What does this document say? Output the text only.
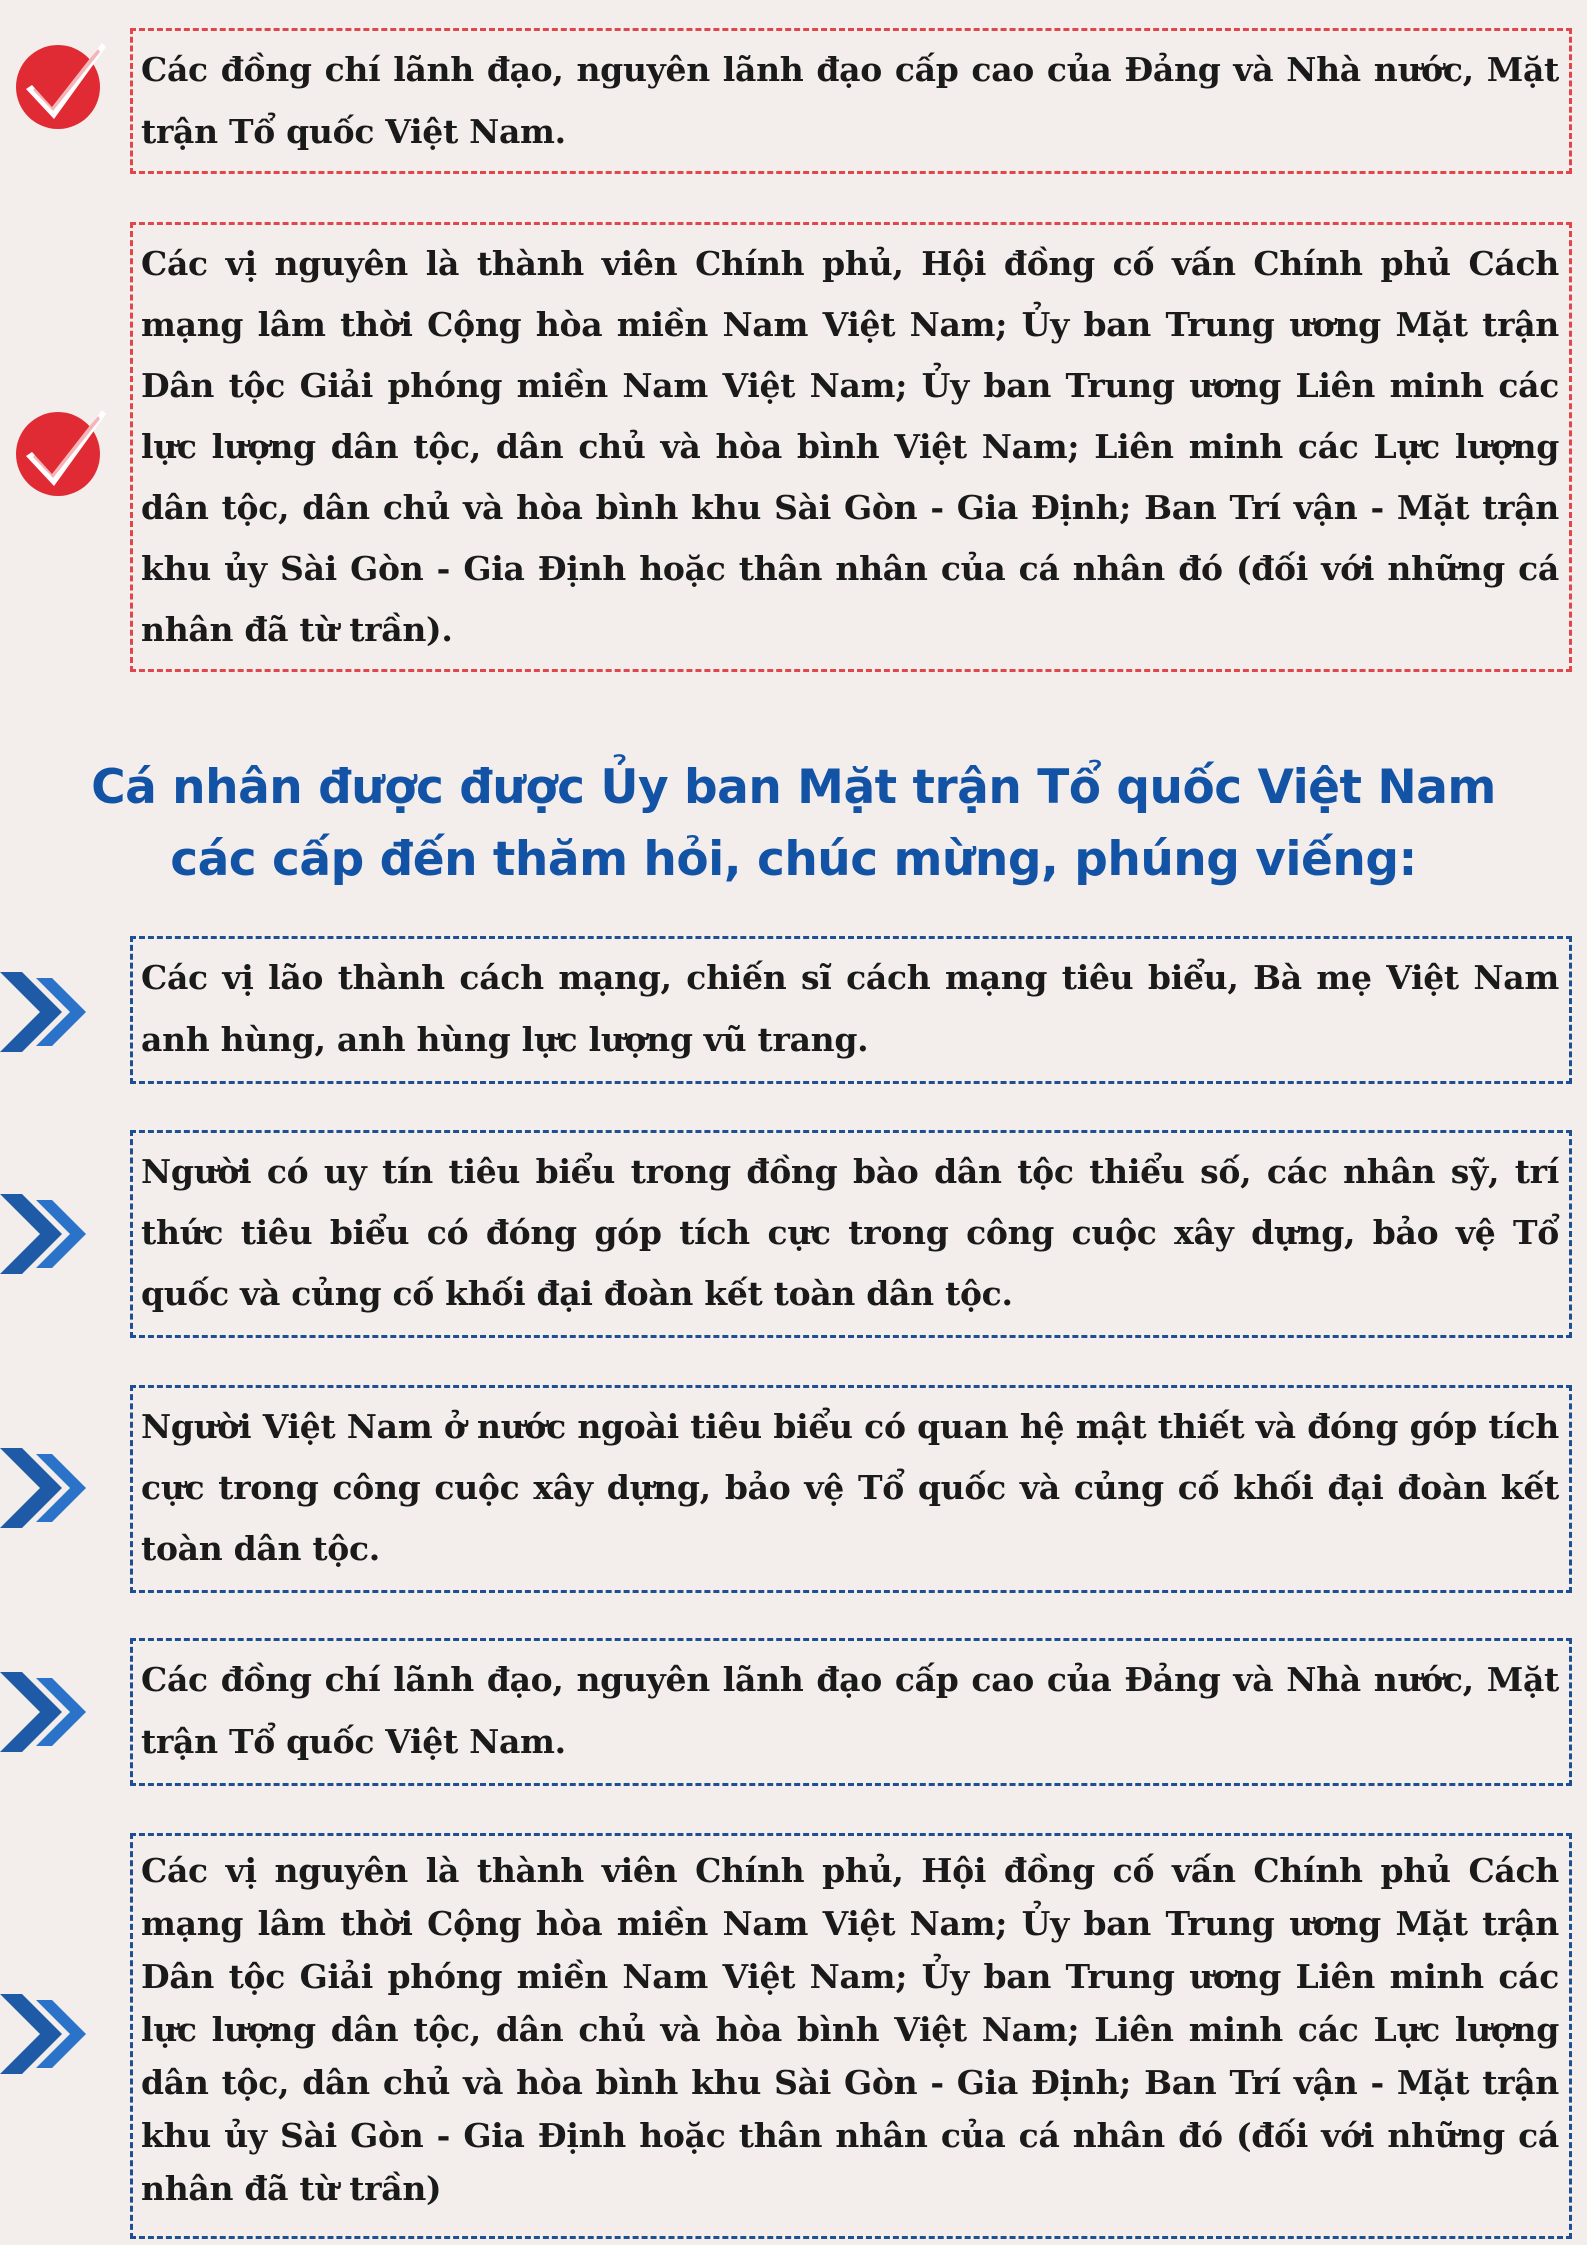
Các đồng chí lãnh đạo, nguyên lãnh đạo cấp cao của Đảng và Nhà nước, Mặt trận Tổ quốc Việt Nam.
Các vị nguyên là thành viên Chính phủ, Hội đồng cố vấn Chính phủ Cách mạng lâm thời Cộng hòa miền Nam Việt Nam; Ủy ban Trung ương Mặt trận Dân tộc Giải phóng miền Nam Việt Nam; Ủy ban Trung ương Liên minh các lực lượng dân tộc, dân chủ và hòa bình Việt Nam; Liên minh các Lực lượng dân tộc, dân chủ và hòa bình khu Sài Gòn - Gia Định; Ban Trí vận - Mặt trận khu ủy Sài Gòn - Gia Định hoặc thân nhân của cá nhân đó (đối với những cá nhân đã từ trần).
Cá nhân được được Ủy ban Mặt trận Tổ quốc Việt Nam
các cấp đến thăm hỏi, chúc mừng, phúng viếng:
Các vị lão thành cách mạng, chiến sĩ cách mạng tiêu biểu, Bà mẹ Việt Nam anh hùng, anh hùng lực lượng vũ trang.
Người có uy tín tiêu biểu trong đồng bào dân tộc thiểu số, các nhân sỹ, trí thức tiêu biểu có đóng góp tích cực trong công cuộc xây dựng, bảo vệ Tổ quốc và củng cố khối đại đoàn kết toàn dân tộc.
Người Việt Nam ở nước ngoài tiêu biểu có quan hệ mật thiết và đóng góp tích cực trong công cuộc xây dựng, bảo vệ Tổ quốc và củng cố khối đại đoàn kết toàn dân tộc.
Các đồng chí lãnh đạo, nguyên lãnh đạo cấp cao của Đảng và Nhà nước, Mặt trận Tổ quốc Việt Nam.
Các vị nguyên là thành viên Chính phủ, Hội đồng cố vấn Chính phủ Cách mạng lâm thời Cộng hòa miền Nam Việt Nam; Ủy ban Trung ương Mặt trận Dân tộc Giải phóng miền Nam Việt Nam; Ủy ban Trung ương Liên minh các lực lượng dân tộc, dân chủ và hòa bình Việt Nam; Liên minh các Lực lượng dân tộc, dân chủ và hòa bình khu Sài Gòn - Gia Định; Ban Trí vận - Mặt trận khu ủy Sài Gòn - Gia Định hoặc thân nhân của cá nhân đó (đối với những cá nhân đã từ trần)
